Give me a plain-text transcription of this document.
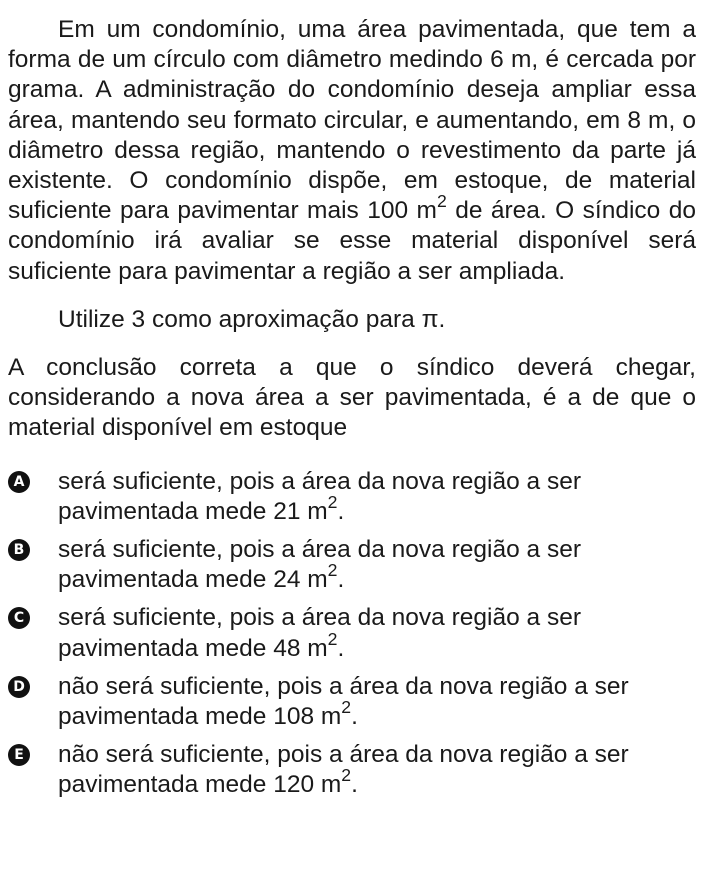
Em um condomínio, uma área pavimentada, que tem a forma de um círculo com diâmetro medindo 6 m, é cercada por grama. A administração do condomínio deseja ampliar essa área, mantendo seu formato circular, e aumentando, em 8 m, o diâmetro dessa região, mantendo o revestimento da parte já existente. O condomínio dispõe, em estoque, de material suficiente para pavimentar mais 100 $m^2$ de área. O síndico do condomínio irá avaliar se esse material disponível será suficiente para pavimentar a região a ser ampliada.

Utilize 3 como aproximação para π.

A conclusão correta a que o síndico deverá chegar, considerando a nova área a ser pavimentada, é a de que o material disponível em estoque

A será suficiente, pois a área da nova região a ser
pavimentada mede 21 $m^2$.
B será suficiente, pois a área da nova região a ser
pavimentada mede 24 $m^2$.
C será suficiente, pois a área da nova região a ser
pavimentada mede 48 $m^2$.
D não será suficiente, pois a área da nova região a ser
pavimentada mede 108 $m^2$.
E não será suficiente, pois a área da nova região a ser
pavimentada mede 120 $m^2$.
